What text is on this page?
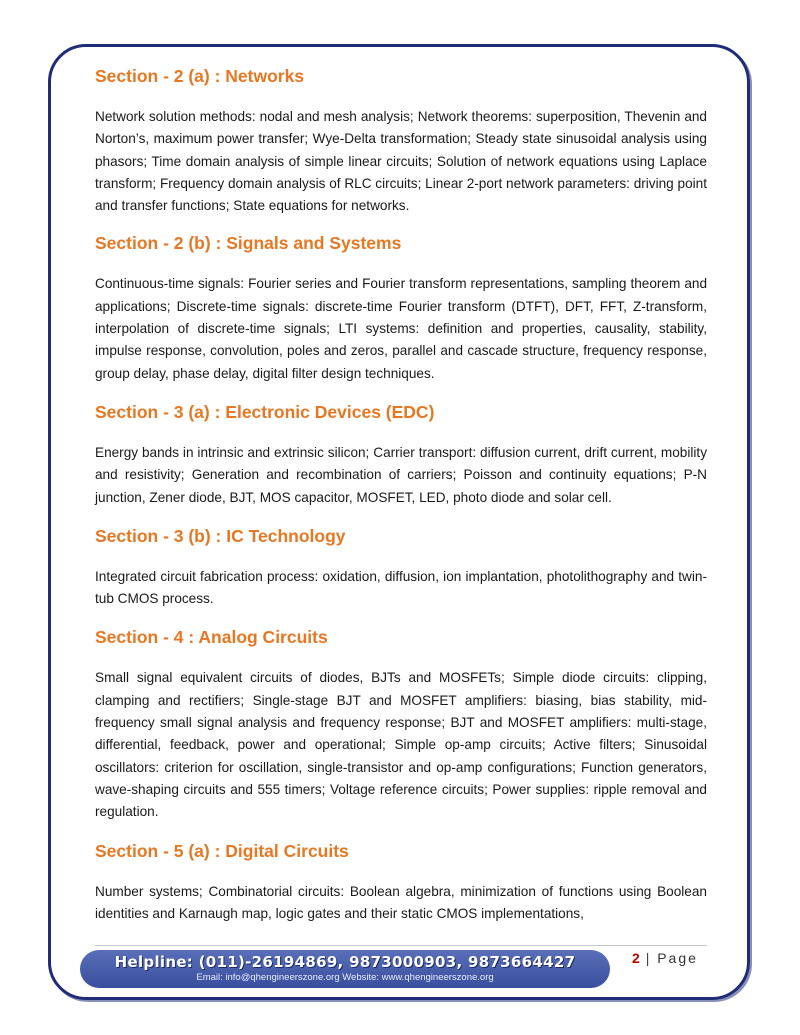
Section - 2 (a) : Networks

Network solution methods: nodal and mesh analysis; Network theorems: superposition, Thevenin and Norton’s, maximum power transfer; Wye-Delta transformation; Steady state sinusoidal analysis using phasors; Time domain analysis of simple linear circuits; Solution of network equations using Laplace transform; Frequency domain analysis of RLC circuits; Linear 2-port network parameters: driving point and transfer functions; State equations for networks.

Section - 2 (b) : Signals and Systems

Continuous-time signals: Fourier series and Fourier transform representations, sampling theorem and applications; Discrete-time signals: discrete-time Fourier transform (DTFT), DFT, FFT, Z-transform, interpolation of discrete-time signals; LTI systems: definition and properties, causality, stability, impulse response, convolution, poles and zeros, parallel and cascade structure, frequency response, group delay, phase delay, digital filter design techniques.

Section - 3 (a) : Electronic Devices (EDC)

Energy bands in intrinsic and extrinsic silicon; Carrier transport: diffusion current, drift current, mobility and resistivity; Generation and recombination of carriers; Poisson and continuity equations; P-N junction, Zener diode, BJT, MOS capacitor, MOSFET, LED, photo diode and solar cell.

Section - 3 (b) : IC Technology

Integrated circuit fabrication process: oxidation, diffusion, ion implantation, photolithography and twin-tub CMOS process.

Section - 4 : Analog Circuits

Small signal equivalent circuits of diodes, BJTs and MOSFETs; Simple diode circuits: clipping, clamping and rectifiers; Single-stage BJT and MOSFET amplifiers: biasing, bias stability, mid-frequency small signal analysis and frequency response; BJT and MOSFET amplifiers: multi-stage, differential, feedback, power and operational; Simple op-amp circuits; Active filters; Sinusoidal oscillators: criterion for oscillation, single-transistor and op-amp configurations; Function generators, wave-shaping circuits and 555 timers; Voltage reference circuits; Power supplies: ripple removal and regulation.

Section - 5 (a) : Digital Circuits

Number systems; Combinatorial circuits: Boolean algebra, minimization of functions using Boolean identities and Karnaugh map, logic gates and their static CMOS implementations,

Helpline: (011)-26194869, 9873000903, 9873664427
Email: info@qhengineerszone.org Website: www.qhengineerszone.org
2 | Page
